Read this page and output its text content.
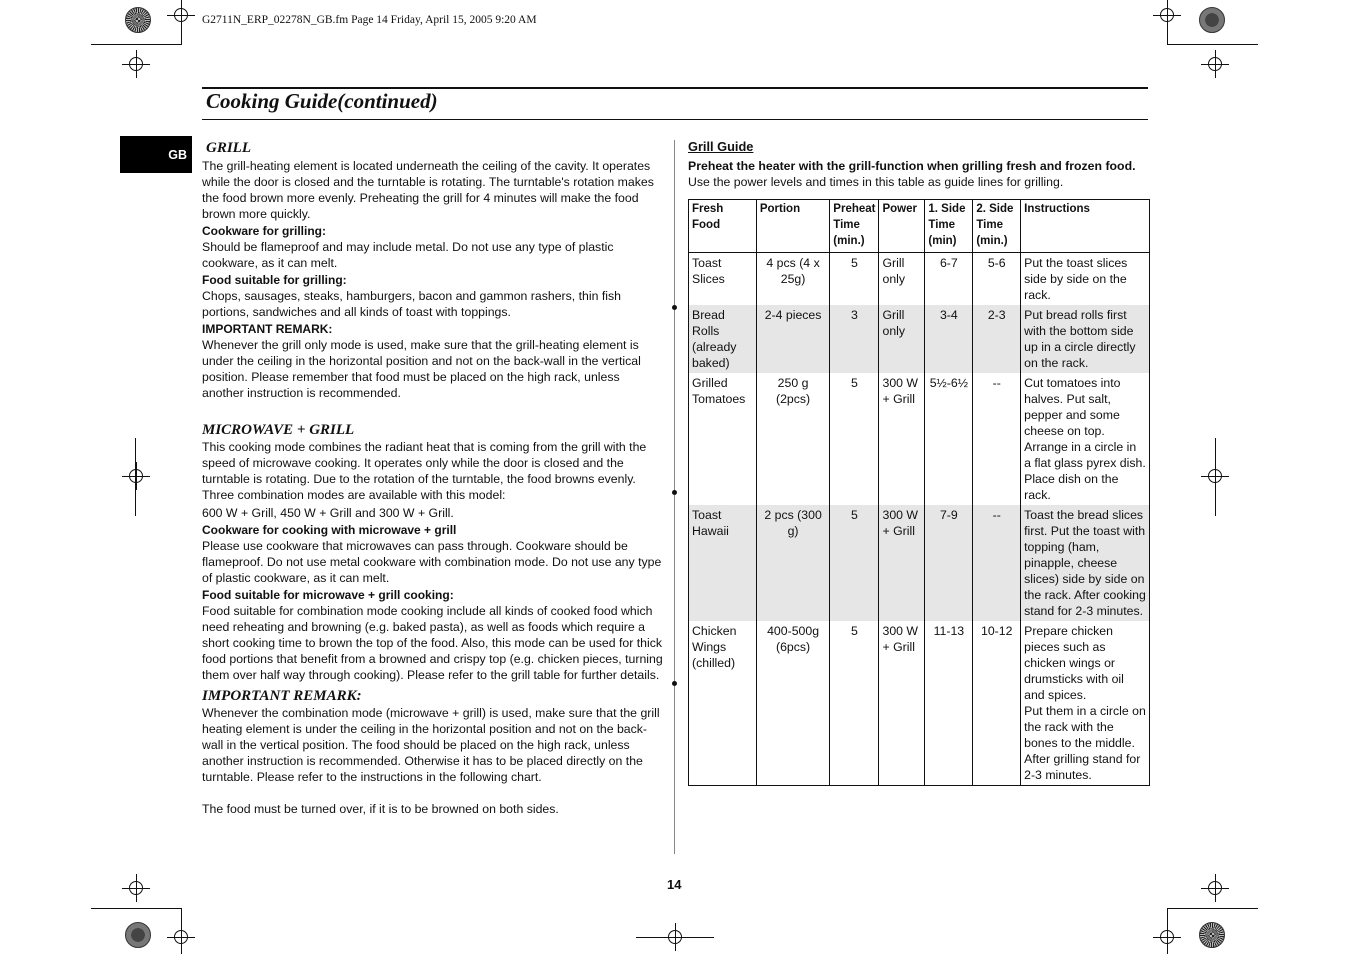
G2711N_ERP_02278N_GB.fm Page 14 Friday, April 15, 2005 9:20 AM
Cooking Guide(continued)
GB GRILL

The grill-heating element is located underneath the ceiling of the cavity. It operates while the door is closed and the turntable is rotating. The turntable's rotation makes the food brown more evenly. Preheating the grill for 4 minutes will make the food brown more quickly.

Cookware for grilling:

Should be flameproof and may include metal. Do not use any type of plastic cookware, as it can melt.

Food suitable for grilling:

Chops, sausages, steaks, hamburgers, bacon and gammon rashers, thin fish portions, sandwiches and all kinds of toast with toppings.

IMPORTANT REMARK:

Whenever the grill only mode is used, make sure that the grill-heating element is under the ceiling in the horizontal position and not on the back-wall in the vertical position. Please remember that food must be placed on the high rack, unless another instruction is recommended.

MICROWAVE + GRILL

This cooking mode combines the radiant heat that is coming from the grill with the speed of microwave cooking. It operates only while the door is closed and the turntable is rotating. Due to the rotation of the turntable, the food browns evenly. Three combination modes are available with this model:

600 W + Grill, 450 W + Grill and 300 W + Grill.

Cookware for cooking with microwave + grill

Please use cookware that microwaves can pass through. Cookware should be flameproof. Do not use metal cookware with combination mode. Do not use any type of plastic cookware, as it can melt.

Food suitable for microwave + grill cooking:

Food suitable for combination mode cooking include all kinds of cooked food which need reheating and browning (e.g. baked pasta), as well as foods which require a short cooking time to brown the top of the food. Also, this mode can be used for thick food portions that benefit from a browned and crispy top (e.g. chicken pieces, turning them over half way through cooking). Please refer to the grill table for further details.

IMPORTANT REMARK:

Whenever the combination mode (microwave + grill) is used, make sure that the grill heating element is under the ceiling in the horizontal position and not on the back-wall in the vertical position. The food should be placed on the high rack, unless another instruction is recommended. Otherwise it has to be placed directly on the turntable. Please refer to the instructions in the following chart.

The food must be turned over, if it is to be browned on both sides.

Grill Guide

Preheat the heater with the grill-function when grilling fresh and frozen food.

Use the power levels and times in this table as guide lines for grilling.

Fresh Food	Portion	Preheat Time (min.)	Power	1. Side Time (min)	2. Side Time (min.)	Instructions
Toast Slices	4 pcs (4 x 25g)	5	Grill only	6-7	5-6	Put the toast slices side by side on the rack.
Bread Rolls (already baked)	2-4 pieces	3	Grill only	3-4	2-3	Put bread rolls first with the bottom side up in a circle directly on the rack.
Grilled Tomatoes	250 g (2pcs)	5	300 W + Grill	5½-6½	--	Cut tomatoes into halves. Put salt, pepper and some cheese on top. Arrange in a circle in a flat glass pyrex dish. Place dish on the rack.
Toast Hawaii	2 pcs (300 g)	5	300 W + Grill	7-9	--	Toast the bread slices first. Put the toast with topping (ham, pinapple, cheese slices) side by side on the rack. After cooking stand for 2-3 minutes.
Chicken Wings (chilled)	400-500g (6pcs)	5	300 W + Grill	11-13	10-12	Prepare chicken pieces such as chicken wings or drumsticks with oil and spices.
Put them in a circle on the rack with the bones to the middle. After grilling stand for 2-3 minutes.
14
